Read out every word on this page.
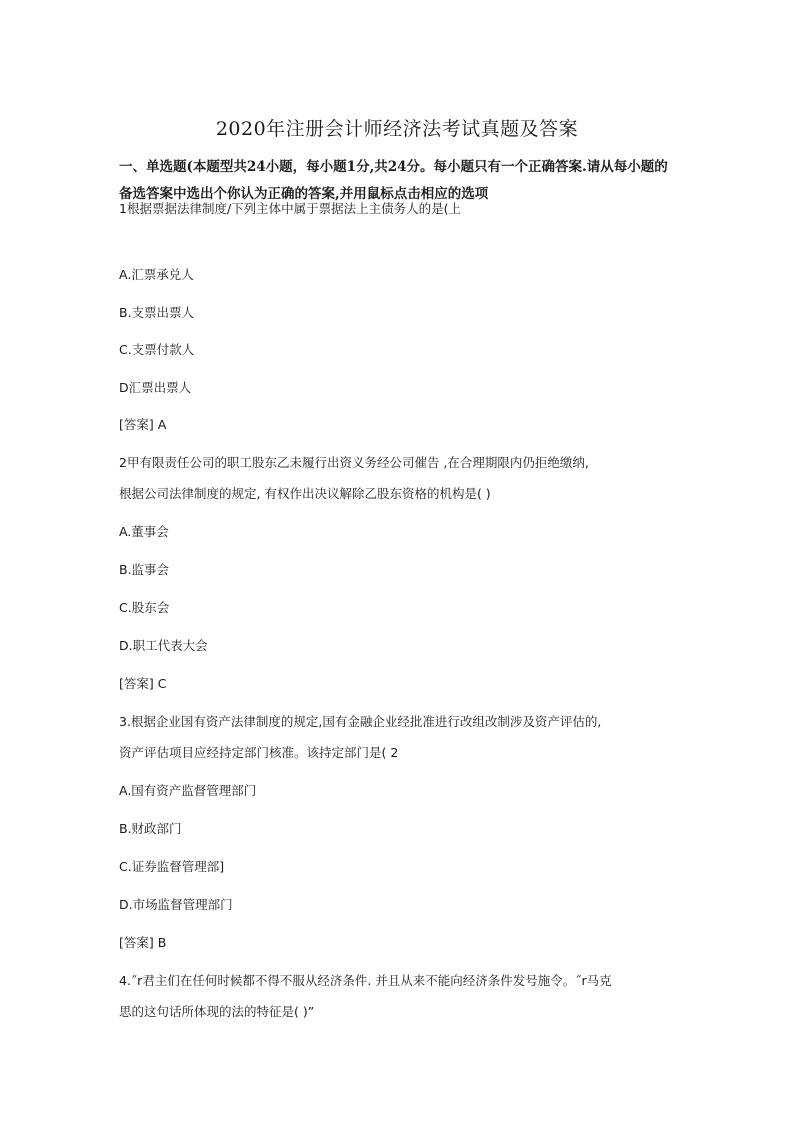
2020年注册会计师经济法考试真题及答案
一、单选题(本题型共24小题，每小题1分,共24分。每小题只有一个正确答案.请从每小题的备选答案中选出个你认为正确的答案,并用鼠标点击相应的选项
1根据票据法律制度/下列主体中属于票据法上主债务人的是(上
A.汇票承兑人
B.支票出票人
C.支票付款人
D汇票出票人
[答案] A
2甲有限责任公司的职工股东乙未履行出资义务经公司催告 ,在合理期限内仍拒绝缴纳,
根据公司法律制度的规定, 有权作出决议解除乙股东资格的机构是( )
A.董事会
B.监事会
C.股东会
D.职工代表大会
[答案] C
3.根据企业国有资产法律制度的规定,国有金融企业经批准进行改组改制涉及资产评估的,
资产评估项目应经持定部门核准。该持定部门是( 2
A.国有资产监督管理部门
B.财政部门
C.证券监督管理部]
D.市场监督管理部门
[答案] B
4.˝r君主们在任何时候都不得不服从经济条件. 并且从来不能向经济条件发号施令。˝r马克
思的这句话所体现的法的特征是( )”
